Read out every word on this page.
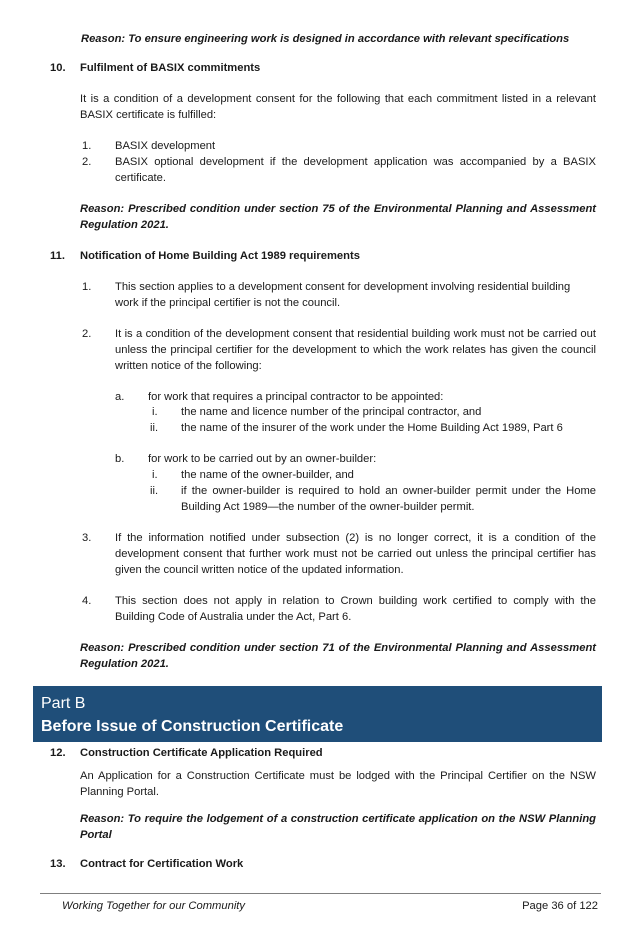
Reason: To ensure engineering work is designed in accordance with relevant specifications
10. Fulfilment of BASIX commitments
It is a condition of a development consent for the following that each commitment listed in a relevant BASIX certificate is fulfilled:
1. BASIX development
2. BASIX optional development if the development application was accompanied by a BASIX certificate.
Reason: Prescribed condition under section 75 of the Environmental Planning and Assessment Regulation 2021.
11. Notification of Home Building Act 1989 requirements
1. This section applies to a development consent for development involving residential building work if the principal certifier is not the council.
2. It is a condition of the development consent that residential building work must not be carried out unless the principal certifier for the development to which the work relates has given the council written notice of the following:
a. for work that requires a principal contractor to be appointed:
i. the name and licence number of the principal contractor, and
ii. the name of the insurer of the work under the Home Building Act 1989, Part 6
b. for work to be carried out by an owner-builder:
i. the name of the owner-builder, and
ii. if the owner-builder is required to hold an owner-builder permit under the Home Building Act 1989—the number of the owner-builder permit.
3. If the information notified under subsection (2) is no longer correct, it is a condition of the development consent that further work must not be carried out unless the principal certifier has given the council written notice of the updated information.
4. This section does not apply in relation to Crown building work certified to comply with the Building Code of Australia under the Act, Part 6.
Reason: Prescribed condition under section 71 of the Environmental Planning and Assessment Regulation 2021.
Part B
Before Issue of Construction Certificate
12. Construction Certificate Application Required
An Application for a Construction Certificate must be lodged with the Principal Certifier on the NSW Planning Portal.
Reason: To require the lodgement of a construction certificate application on the NSW Planning Portal
13. Contract for Certification Work
Working Together for our Community	Page 36 of 122
